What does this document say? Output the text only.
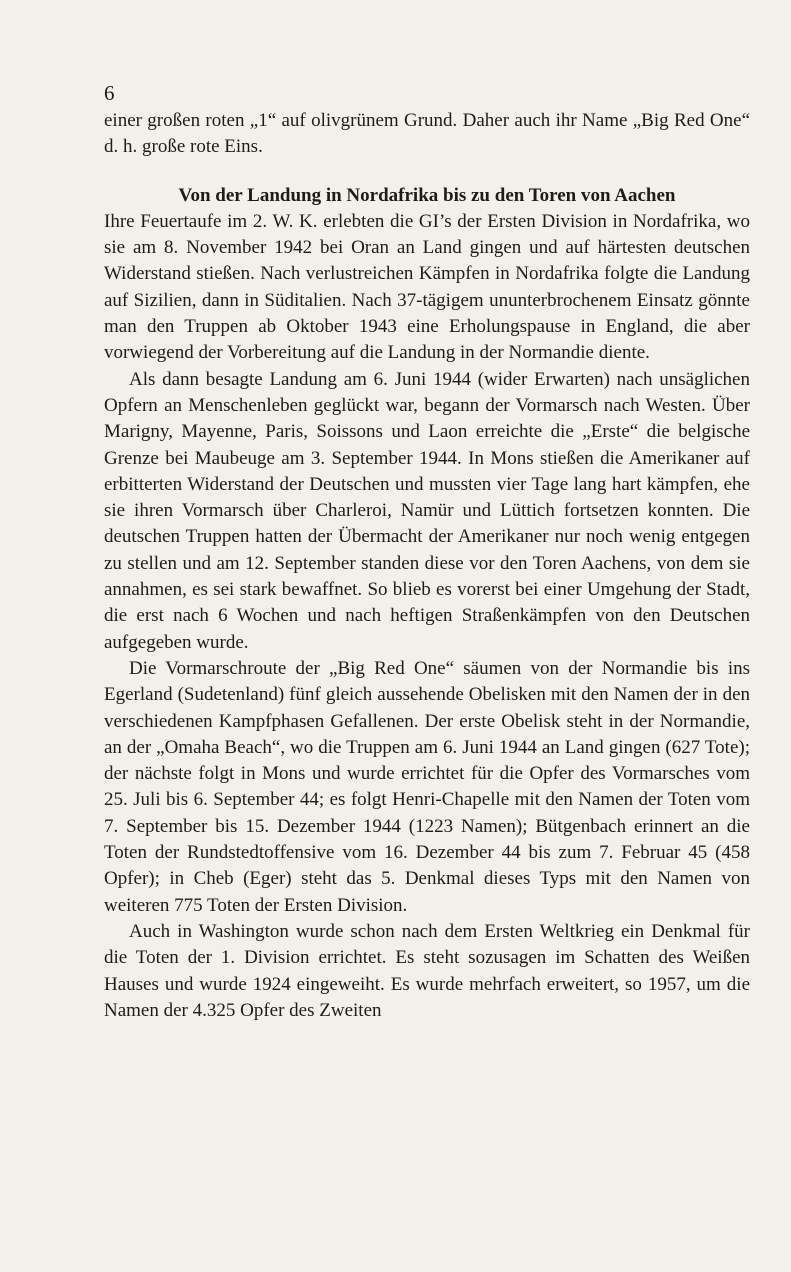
6

einer großen roten „1“ auf olivgrünem Grund. Daher auch ihr Name „Big Red One“ d. h. große rote Eins.

Von der Landung in Nordafrika bis zu den Toren von Aachen

Ihre Feuertaufe im 2. W. K. erlebten die GI’s der Ersten Division in Nordafrika, wo sie am 8. November 1942 bei Oran an Land gingen und auf härtesten deutschen Widerstand stießen. Nach verlustreichen Kämpfen in Nordafrika folgte die Landung auf Sizilien, dann in Süditalien. Nach 37-tägigem ununterbrochenem Einsatz gönnte man den Truppen ab Oktober 1943 eine Erholungspause in England, die aber vorwiegend der Vorbereitung auf die Landung in der Normandie diente.

Als dann besagte Landung am 6. Juni 1944 (wider Erwarten) nach unsäglichen Opfern an Menschenleben geglückt war, begann der Vormarsch nach Westen. Über Marigny, Mayenne, Paris, Soissons und Laon erreichte die „Erste“ die belgische Grenze bei Maubeuge am 3. September 1944. In Mons stießen die Amerikaner auf erbitterten Widerstand der Deutschen und mussten vier Tage lang hart kämpfen, ehe sie ihren Vormarsch über Charleroi, Namür und Lüttich fortsetzen konnten. Die deutschen Truppen hatten der Übermacht der Amerikaner nur noch wenig entgegen zu stellen und am 12. September standen diese vor den Toren Aachens, von dem sie annahmen, es sei stark bewaffnet. So blieb es vorerst bei einer Umgehung der Stadt, die erst nach 6 Wochen und nach heftigen Straßenkämpfen von den Deutschen aufgegeben wurde.

Die Vormarschroute der „Big Red One“ säumen von der Normandie bis ins Egerland (Sudetenland) fünf gleich aussehende Obelisken mit den Namen der in den verschiedenen Kampfphasen Gefallenen. Der erste Obelisk steht in der Normandie, an der „Omaha Beach“, wo die Truppen am 6. Juni 1944 an Land gingen (627 Tote); der nächste folgt in Mons und wurde errichtet für die Opfer des Vormarsches vom 25. Juli bis 6. September 44; es folgt Henri-Chapelle mit den Namen der Toten vom 7. September bis 15. Dezember 1944 (1223 Namen); Bütgenbach erinnert an die Toten der Rundstedtoffensive vom 16. Dezember 44 bis zum 7. Februar 45 (458 Opfer); in Cheb (Eger) steht das 5. Denkmal dieses Typs mit den Namen von weiteren 775 Toten der Ersten Division.

Auch in Washington wurde schon nach dem Ersten Weltkrieg ein Denkmal für die Toten der 1. Division errichtet. Es steht sozusagen im Schatten des Weißen Hauses und wurde 1924 eingeweiht. Es wurde mehrfach erweitert, so 1957, um die Namen der 4.325 Opfer des Zweiten
